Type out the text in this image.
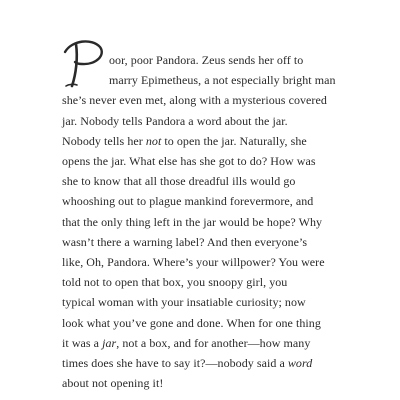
oor, poor Pandora. Zeus sends her off to
marry Epimetheus, a not especially bright man
she’s never even met, along with a mysterious covered
jar. Nobody tells Pandora a word about the jar.
Nobody tells her not to open the jar. Naturally, she
opens the jar. What else has she got to do? How was
she to know that all those dreadful ills would go
whooshing out to plague mankind forevermore, and
that the only thing left in the jar would be hope? Why
wasn’t there a warning label? And then everyone’s
like, Oh, Pandora. Where’s your willpower? You were
told not to open that box, you snoopy girl, you
typical woman with your insatiable curiosity; now
look what you’ve gone and done. When for one thing
it was a jar, not a box, and for another—how many
times does she have to say it?—nobody said a word
about not opening it!
